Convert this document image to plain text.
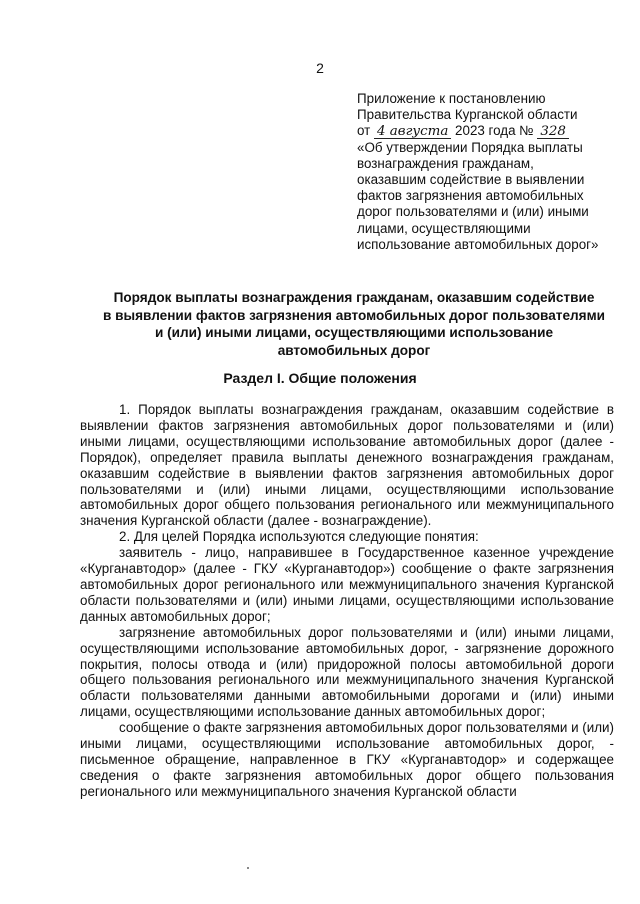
2
Приложение к постановлению
Правительства Курганской области
от 4 августа 2023 года № 328
«Об утверждении Порядка выплаты
вознаграждения гражданам,
оказавшим содействие в выявлении
фактов загрязнения автомобильных
дорог пользователями и (или) иными
лицами, осуществляющими
использование автомобильных дорог»
Порядок выплаты вознаграждения гражданам, оказавшим содействие
в выявлении фактов загрязнения автомобильных дорог пользователями
и (или) иными лицами, осуществляющими использование
автомобильных дорог
Раздел I. Общие положения

1. Порядок выплаты вознаграждения гражданам, оказавшим содействие в выявлении фактов загрязнения автомобильных дорог пользователями и (или) иными лицами, осуществляющими использование автомобильных дорог (далее - Порядок), определяет правила выплаты денежного вознаграждения гражданам, оказавшим содействие в выявлении фактов загрязнения автомобильных дорог пользователями и (или) иными лицами, осуществляющими использование автомобильных дорог общего пользования регионального или межмуниципального значения Курганской области (далее - вознаграждение).

2. Для целей Порядка используются следующие понятия:

заявитель - лицо, направившее в Государственное казенное учреждение «Курганавтодор» (далее - ГКУ «Курганавтодор») сообщение о факте загрязнения автомобильных дорог регионального или межмуниципального значения Курганской области пользователями и (или) иными лицами, осуществляющими использование данных автомобильных дорог;

загрязнение автомобильных дорог пользователями и (или) иными лицами, осуществляющими использование автомобильных дорог, - загрязнение дорожного покрытия, полосы отвода и (или) придорожной полосы автомобильной дороги общего пользования регионального или межмуниципального значения Курганской области пользователями данными автомобильными дорогами и (или) иными лицами, осуществляющими использование данных автомобильных дорог;

сообщение о факте загрязнения автомобильных дорог пользователями и (или) иными лицами, осуществляющими использование автомобильных дорог, - письменное обращение, направленное в ГКУ «Курганавтодор» и содержащее сведения о факте загрязнения автомобильных дорог общего пользования регионального или межмуниципального значения Курганской области
